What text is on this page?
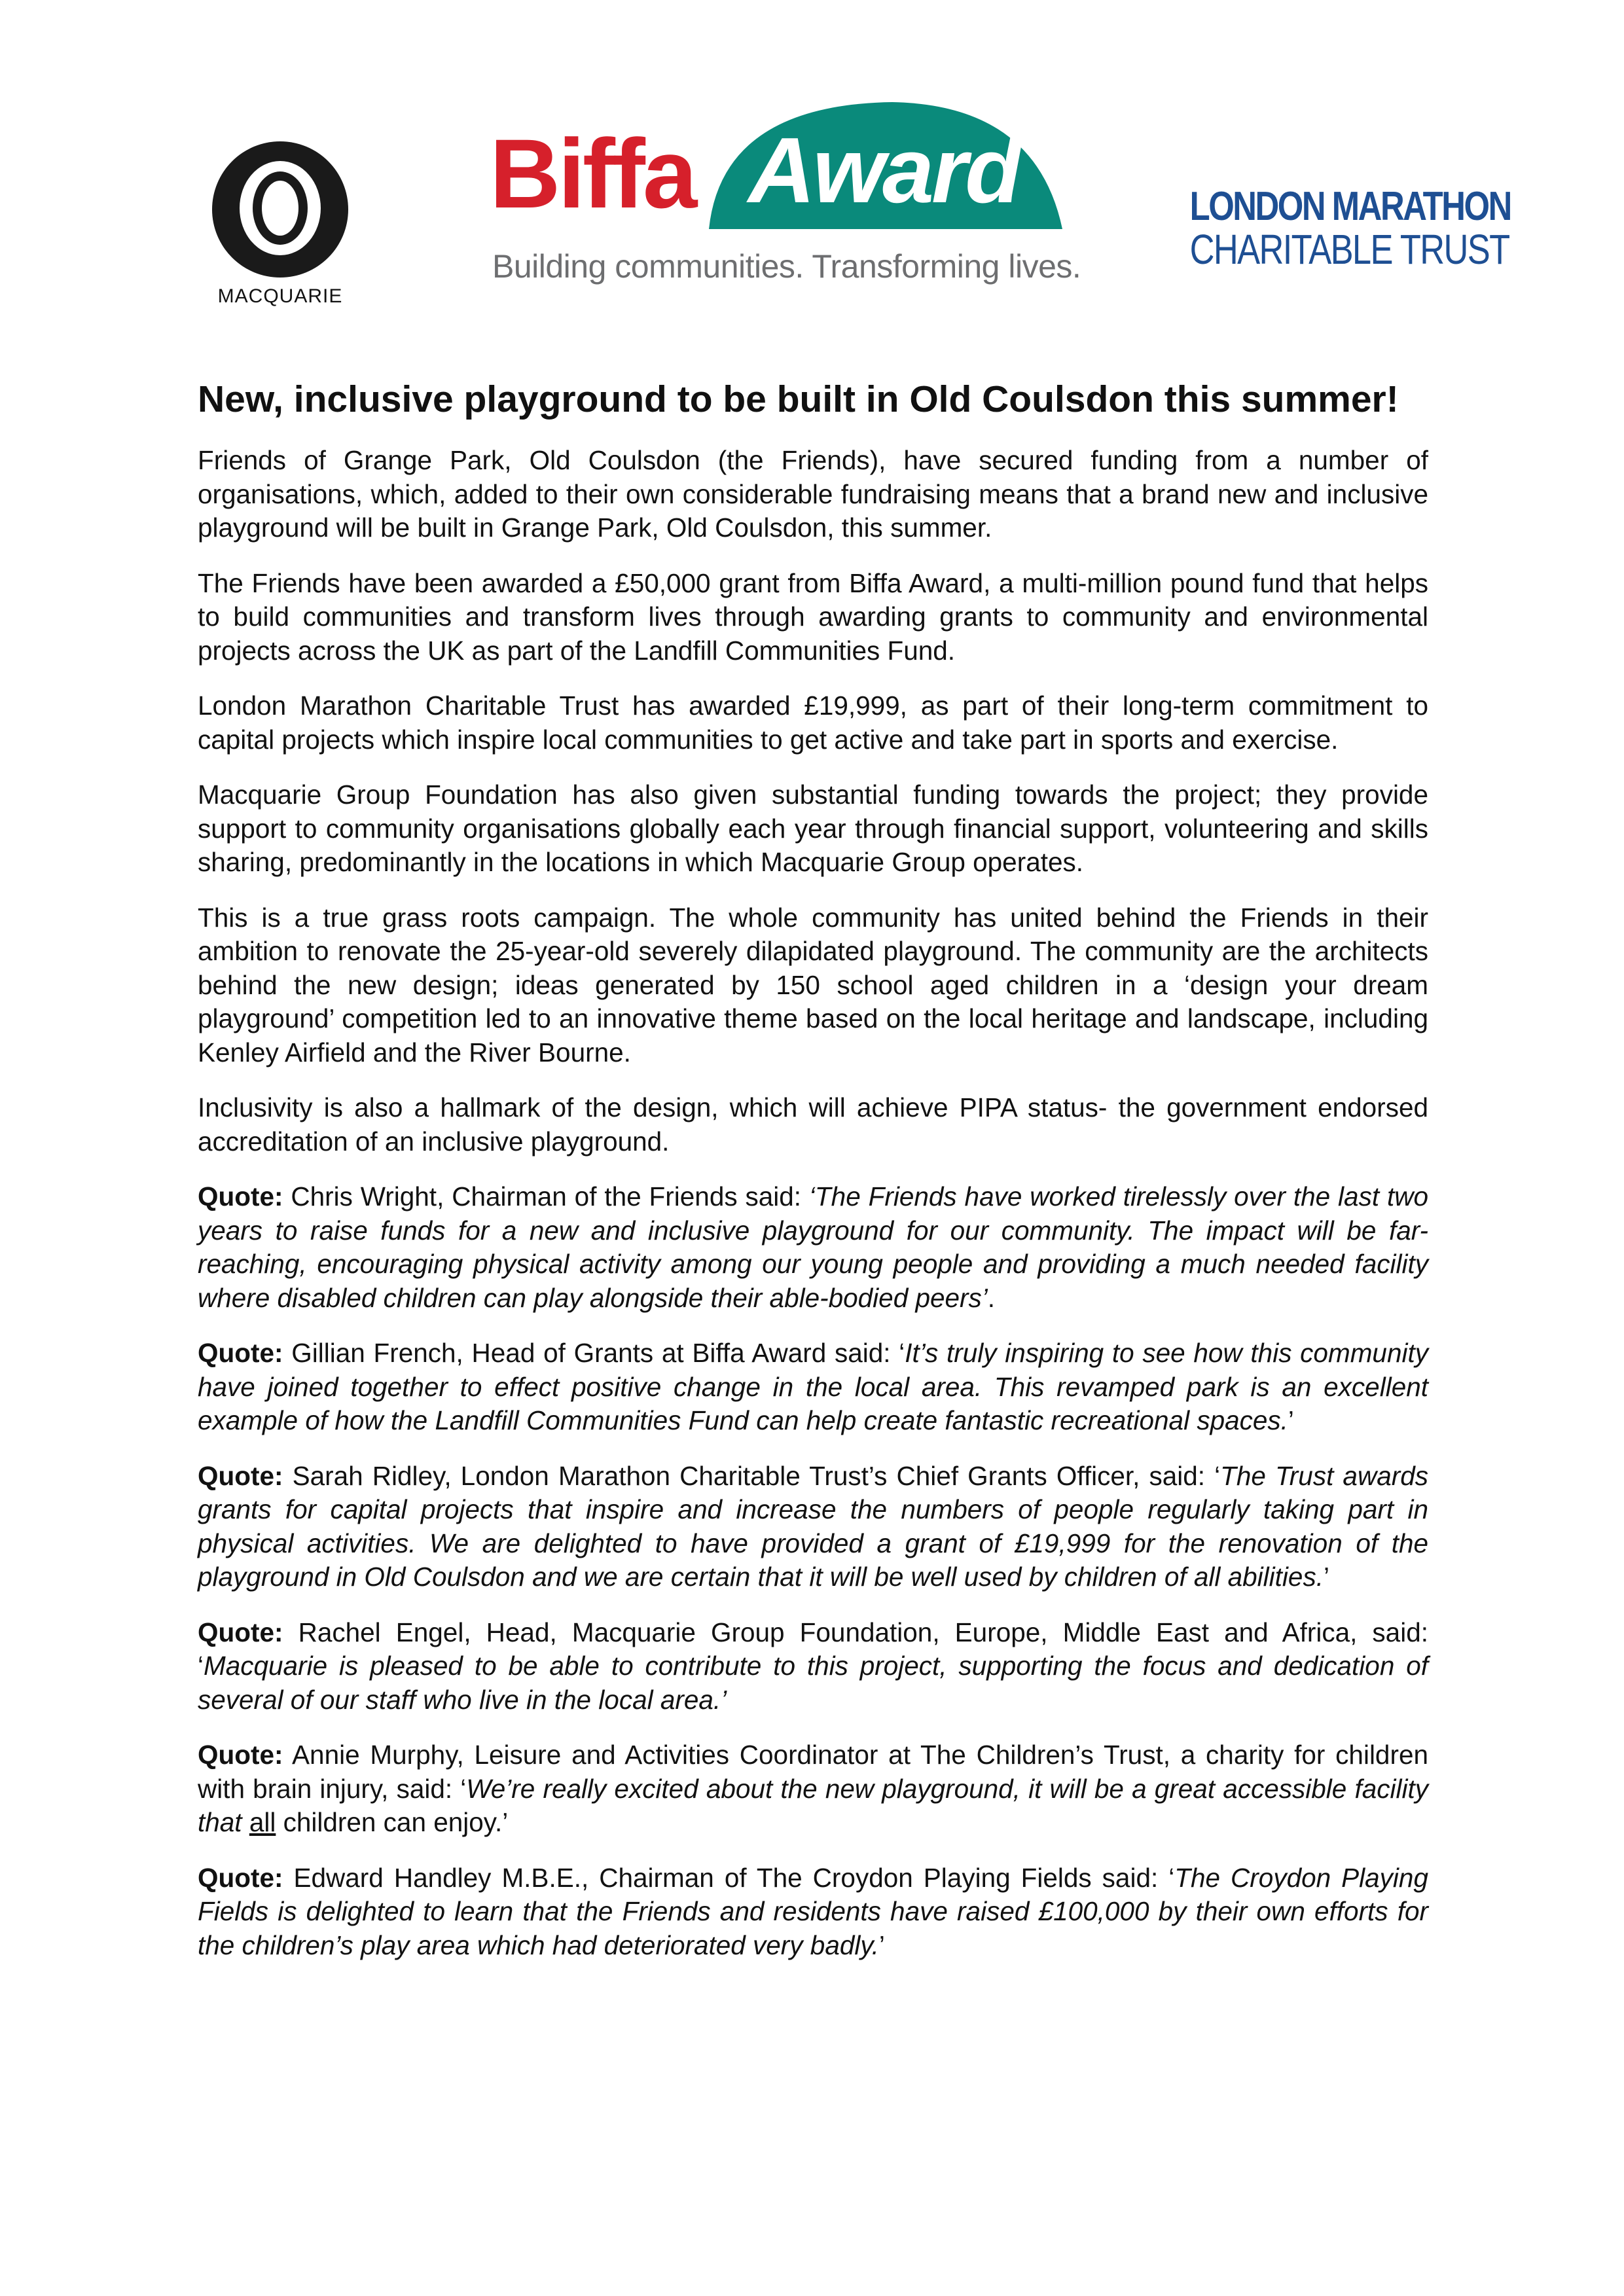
MACQUARIE
Biffa Award
Building communities. Transforming lives.
LONDON MARATHON
CHARITABLE TRUST
New, inclusive playground to be built in Old Coulsdon this summer!

Friends of Grange Park, Old Coulsdon (the Friends), have secured funding from a number of organisations, which, added to their own considerable fundraising means that a brand new and inclusive playground will be built in Grange Park, Old Coulsdon, this summer.

The Friends have been awarded a £50,000 grant from Biffa Award, a multi-million pound fund that helps to build communities and transform lives through awarding grants to community and environmental projects across the UK as part of the Landfill Communities Fund.

London Marathon Charitable Trust has awarded £19,999, as part of their long-term commitment to capital projects which inspire local communities to get active and take part in sports and exercise.

Macquarie Group Foundation has also given substantial funding towards the project; they provide support to community organisations globally each year through financial support, volunteering and skills sharing, predominantly in the locations in which Macquarie Group operates.

This is a true grass roots campaign. The whole community has united behind the Friends in their ambition to renovate the 25-year-old severely dilapidated playground. The community are the architects behind the new design; ideas generated by 150 school aged children in a ‘design your dream playground’ competition led to an innovative theme based on the local heritage and landscape, including Kenley Airfield and the River Bourne.

Inclusivity is also a hallmark of the design, which will achieve PIPA status- the government endorsed accreditation of an inclusive playground.

Quote: Chris Wright, Chairman of the Friends said: ‘The Friends have worked tirelessly over the last two years to raise funds for a new and inclusive playground for our community. The impact will be far-reaching, encouraging physical activity among our young people and providing a much needed facility where disabled children can play alongside their able-bodied peers’.

Quote: Gillian French, Head of Grants at Biffa Award said: ‘It’s truly inspiring to see how this community have joined together to effect positive change in the local area. This revamped park is an excellent example of how the Landfill Communities Fund can help create fantastic recreational spaces.’

Quote: Sarah Ridley, London Marathon Charitable Trust’s Chief Grants Officer, said: ‘The Trust awards grants for capital projects that inspire and increase the numbers of people regularly taking part in physical activities. We are delighted to have provided a grant of £19,999 for the renovation of the playground in Old Coulsdon and we are certain that it will be well used by children of all abilities.’

Quote: Rachel Engel, Head, Macquarie Group Foundation, Europe, Middle East and Africa, said: ‘Macquarie is pleased to be able to contribute to this project, supporting the focus and dedication of several of our staff who live in the local area.’

Quote: Annie Murphy, Leisure and Activities Coordinator at The Children’s Trust, a charity for children with brain injury, said: ‘We’re really excited about the new playground, it will be a great accessible facility that all children can enjoy.’

Quote: Edward Handley M.B.E., Chairman of The Croydon Playing Fields said: ‘The Croydon Playing Fields is delighted to learn that the Friends and residents have raised £100,000 by their own efforts for the children’s play area which had deteriorated very badly.’
